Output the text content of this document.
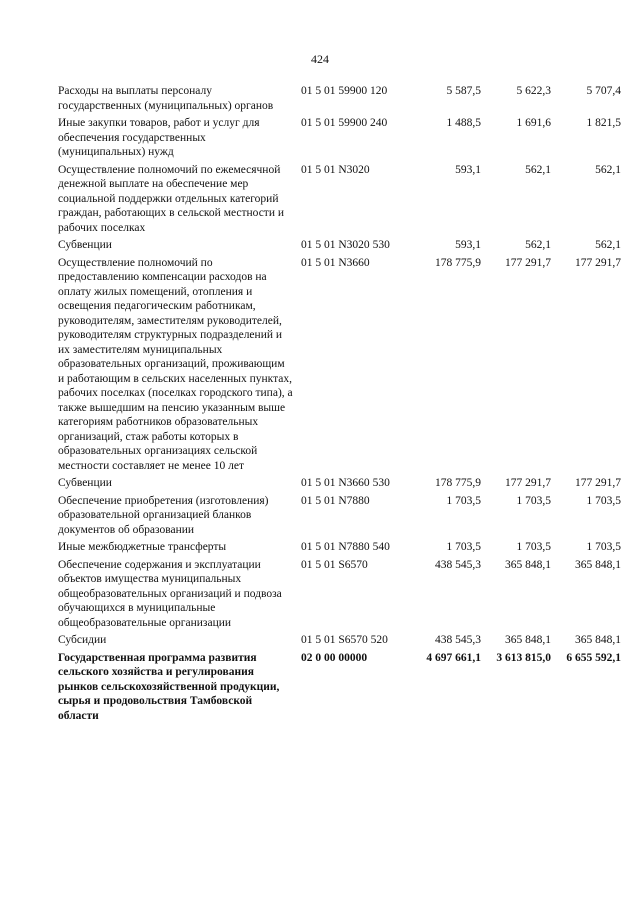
424
Расходы на выплаты персоналу государственных (муниципальных) органов	01 5 01 59900 120	5 587,5	5 622,3	5 707,4
Иные закупки товаров, работ и услуг для обеспечения государственных (муниципальных) нужд	01 5 01 59900 240	1 488,5	1 691,6	1 821,5
Осуществление полномочий по ежемесячной денежной выплате на обеспечение мер социальной поддержки отдельных категорий граждан, работающих в сельской местности и рабочих поселках	01 5 01 N3020	593,1	562,1	562,1
Субвенции	01 5 01 N3020 530	593,1	562,1	562,1
Осуществление полномочий по предоставлению компенсации расходов на оплату жилых помещений, отопления и освещения педагогическим работникам, руководителям, заместителям руководителей, руководителям структурных подразделений и их заместителям муниципальных образовательных организаций, проживающим и работающим в сельских населенных пунктах, рабочих поселках (поселках городского типа), а также вышедшим на пенсию указанным выше категориям работников образовательных организаций, стаж работы которых в образовательных организациях сельской местности составляет не менее 10 лет	01 5 01 N3660	178 775,9	177 291,7	177 291,7
Субвенции	01 5 01 N3660 530	178 775,9	177 291,7	177 291,7
Обеспечение приобретения (изготовления) образовательной организацией бланков документов об образовании	01 5 01 N7880	1 703,5	1 703,5	1 703,5
Иные межбюджетные трансферты	01 5 01 N7880 540	1 703,5	1 703,5	1 703,5
Обеспечение содержания и эксплуатации объектов имущества муниципальных общеобразовательных организаций и подвоза обучающихся в муниципальные общеобразовательные организации	01 5 01 S6570	438 545,3	365 848,1	365 848,1
Субсидии	01 5 01 S6570 520	438 545,3	365 848,1	365 848,1
Государственная программа развития сельского хозяйства и регулирования рынков сельскохозяйственной продукции, сырья и продовольствия Тамбовской области	02 0 00 00000	4 697 661,1	3 613 815,0	6 655 592,1
